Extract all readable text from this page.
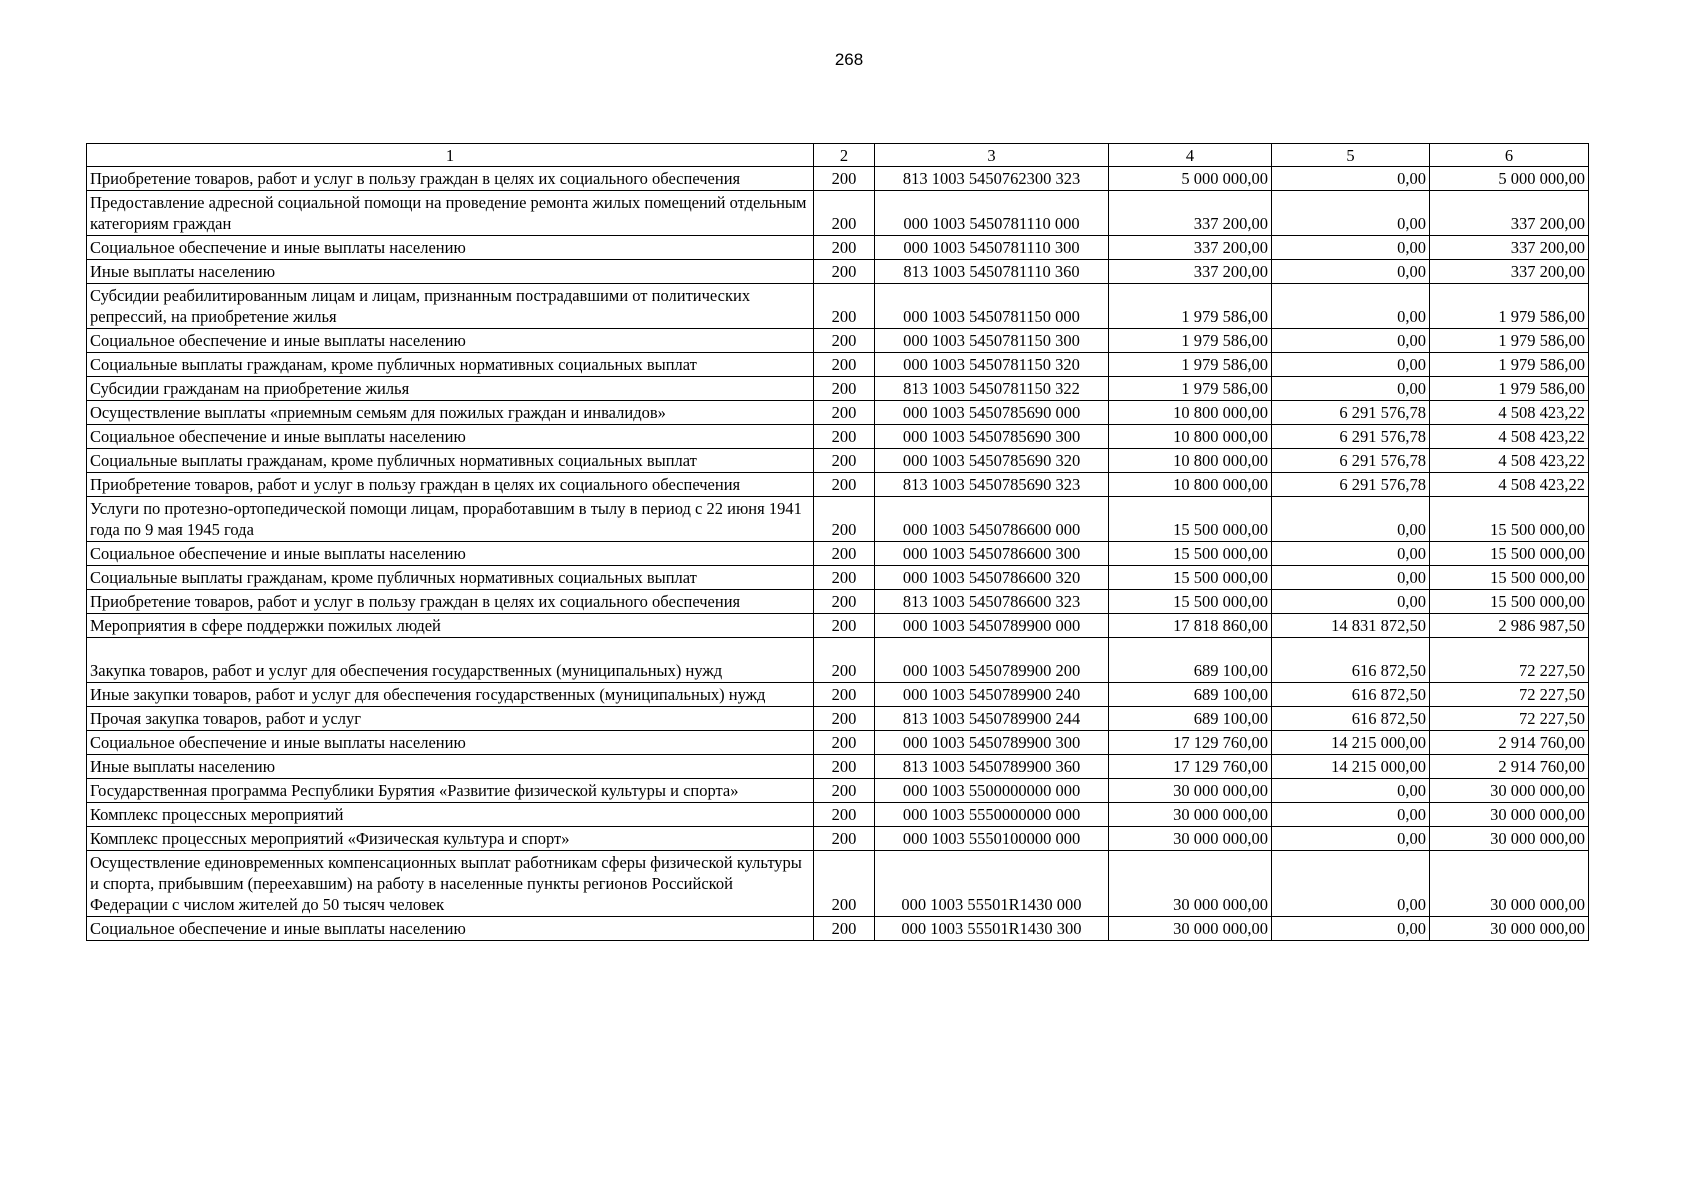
268
1	2	3	4	5	6
Приобретение товаров, работ и услуг в пользу граждан в целях их социального обеспечения	200	813 1003 5450762300 323	5 000 000,00	0,00	5 000 000,00
Предоставление адресной социальной помощи на проведение ремонта жилых помещений отдельным категориям граждан	200	000 1003 5450781110 000	337 200,00	0,00	337 200,00
Социальное обеспечение и иные выплаты населению	200	000 1003 5450781110 300	337 200,00	0,00	337 200,00
Иные выплаты населению	200	813 1003 5450781110 360	337 200,00	0,00	337 200,00
Субсидии реабилитированным лицам и лицам, признанным пострадавшими от политических репрессий, на приобретение жилья	200	000 1003 5450781150 000	1 979 586,00	0,00	1 979 586,00
Социальное обеспечение и иные выплаты населению	200	000 1003 5450781150 300	1 979 586,00	0,00	1 979 586,00
Социальные выплаты гражданам, кроме публичных нормативных социальных выплат	200	000 1003 5450781150 320	1 979 586,00	0,00	1 979 586,00
Субсидии гражданам на приобретение жилья	200	813 1003 5450781150 322	1 979 586,00	0,00	1 979 586,00
Осуществление выплаты «приемным семьям для пожилых граждан и инвалидов»	200	000 1003 5450785690 000	10 800 000,00	6 291 576,78	4 508 423,22
Социальное обеспечение и иные выплаты населению	200	000 1003 5450785690 300	10 800 000,00	6 291 576,78	4 508 423,22
Социальные выплаты гражданам, кроме публичных нормативных социальных выплат	200	000 1003 5450785690 320	10 800 000,00	6 291 576,78	4 508 423,22
Приобретение товаров, работ и услуг в пользу граждан в целях их социального обеспечения	200	813 1003 5450785690 323	10 800 000,00	6 291 576,78	4 508 423,22
Услуги по протезно-ортопедической помощи лицам, проработавшим в тылу в период с 22 июня 1941 года по 9 мая 1945 года	200	000 1003 5450786600 000	15 500 000,00	0,00	15 500 000,00
Социальное обеспечение и иные выплаты населению	200	000 1003 5450786600 300	15 500 000,00	0,00	15 500 000,00
Социальные выплаты гражданам, кроме публичных нормативных социальных выплат	200	000 1003 5450786600 320	15 500 000,00	0,00	15 500 000,00
Приобретение товаров, работ и услуг в пользу граждан в целях их социального обеспечения	200	813 1003 5450786600 323	15 500 000,00	0,00	15 500 000,00
Мероприятия в сфере поддержки пожилых людей	200	000 1003 5450789900 000	17 818 860,00	14 831 872,50	2 986 987,50
Закупка товаров, работ и услуг для обеспечения государственных (муниципальных) нужд	200	000 1003 5450789900 200	689 100,00	616 872,50	72 227,50
Иные закупки товаров, работ и услуг для обеспечения государственных (муниципальных) нужд	200	000 1003 5450789900 240	689 100,00	616 872,50	72 227,50
Прочая закупка товаров, работ и услуг	200	813 1003 5450789900 244	689 100,00	616 872,50	72 227,50
Социальное обеспечение и иные выплаты населению	200	000 1003 5450789900 300	17 129 760,00	14 215 000,00	2 914 760,00
Иные выплаты населению	200	813 1003 5450789900 360	17 129 760,00	14 215 000,00	2 914 760,00
Государственная программа Республики Бурятия «Развитие физической культуры и спорта»	200	000 1003 5500000000 000	30 000 000,00	0,00	30 000 000,00
Комплекс процессных мероприятий	200	000 1003 5550000000 000	30 000 000,00	0,00	30 000 000,00
Комплекс процессных мероприятий «Физическая культура и спорт»	200	000 1003 5550100000 000	30 000 000,00	0,00	30 000 000,00
Осуществление единовременных компенсационных выплат работникам сферы физической культуры и спорта, прибывшим (переехавшим) на работу в населенные пункты регионов Российской Федерации с числом жителей до 50 тысяч человек	200	000 1003 55501R1430 000	30 000 000,00	0,00	30 000 000,00
Социальное обеспечение и иные выплаты населению	200	000 1003 55501R1430 300	30 000 000,00	0,00	30 000 000,00
